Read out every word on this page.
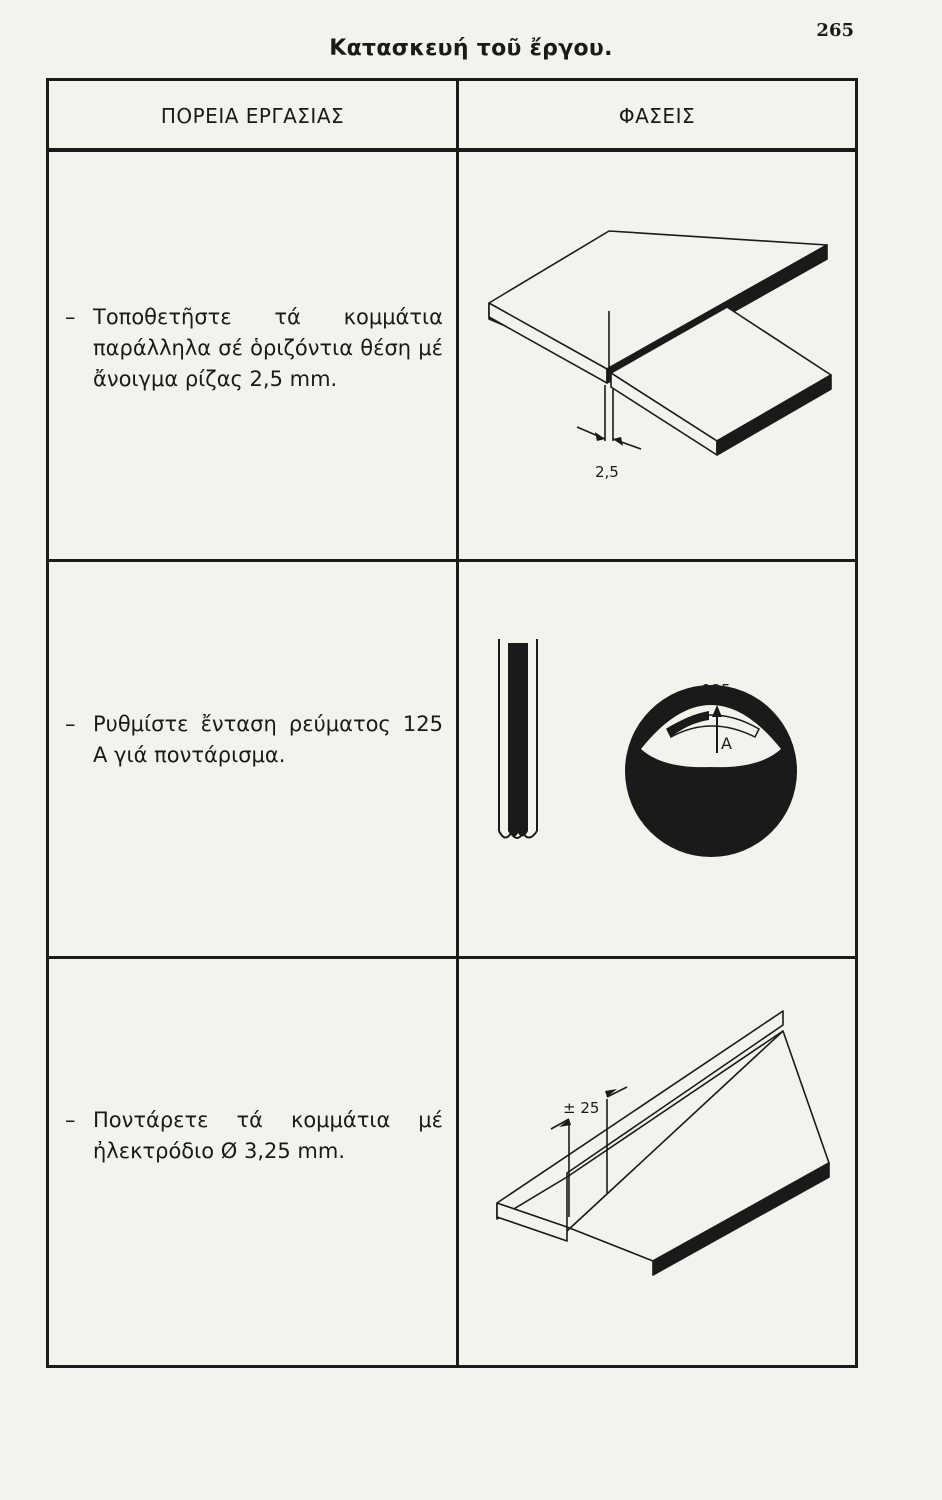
265
Κατασκευή τοῦ ἔργου.
ΠΟΡΕΙΑ ΕΡΓΑΣΙΑΣ	ΦΑΣΕΙΣ
– Τοποθετῆστε τά κομμάτια παράλληλα σέ ὁριζόντια θέση μέ ἄνοιγμα ρίζας 2,5 mm.
2,5
– Ρυθμίστε ἔνταση ρεύματος 125 A γιά ποντάρισμα.
125
A
– Ποντάρετε τά κομμάτια μέ ἠλεκτρόδιο Ø 3,25 mm.
± 25
